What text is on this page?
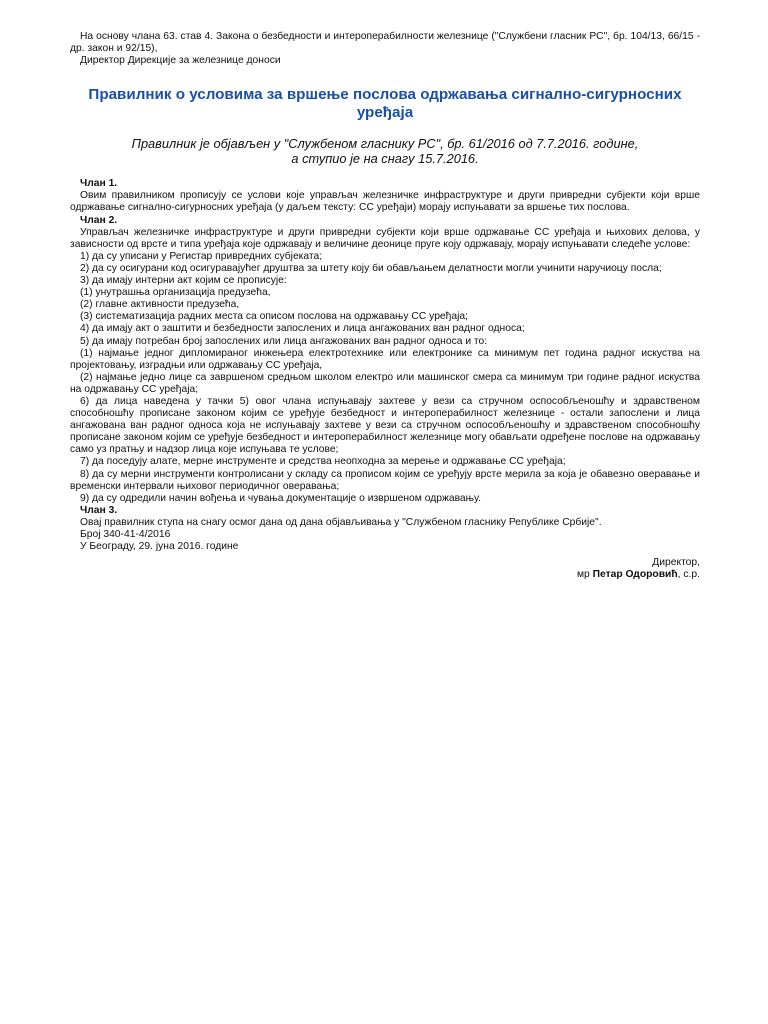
На основу члана 63. став 4. Закона о безбедности и интероперабилности железнице ("Службени гласник РС", бр. 104/13, 66/15 - др. закон и 92/15),

Директор Дирекције за железнице доноси

Правилник о условима за вршење послова одржавања сигнално-сигурносних уређаја
Правилник је објављен у "Службеном гласнику РС", бр. 61/2016 од 7.7.2016. године,
а ступио је на снагу 15.7.2016.

Члан 1.

Овим правилником прописују се услови које управљач железничке инфраструктуре и други привредни субјекти који врше одржавање сигнално-сигурносних уређаја (у даљем тексту: СС уређаји) морају испуњавати за вршење тих послова.

Члан 2.

Управљач железничке инфраструктуре и други привредни субјекти који врше одржавање СС уређаја и њихових делова, у зависности од врсте и типа уређаја које одржавају и величине деонице пруге коју одржавају, морају испуњавати следеће услове:

1) да су уписани у Регистар привредних субјеката;

2) да су осигурани код осигуравајућег друштва за штету коју би обављањем делатности могли учинити наручиоцу посла;

3) да имају интерни акт којим се прописује:

(1) унутрашња организација предузећа,

(2) главне активности предузећа,

(3) систематизација радних места са описом послова на одржавању СС уређаја;

4) да имају акт о заштити и безбедности запослених и лица ангажованих ван радног односа;

5) да имају потребан број запослених или лица ангажованих ван радног односа и то:

(1) најмање једног дипломираног инжењера електротехнике или електронике са минимум пет година радног искуства на пројектовању, изградњи или одржавању СС уређаја,

(2) најмање једно лице са завршеном средњом школом електро или машинског смера са минимум три године радног искуства на одржавању СС уређаја;

6) да лица наведена у тачки 5) овог члана испуњавају захтеве у вези са стручном оспособљеношћу и здравственом способношћу прописане законом којим се уређује безбедност и интероперабилност железнице - остали запослени и лица ангажована ван радног односа која не испуњавају захтеве у вези са стручном оспособљеношћу и здравственом способношћу прописане законом којим се уређује безбедност и интероперабилност железнице могу обављати одређене послове на одржавању само уз пратњу и надзор лица које испуњава те услове;

7) да поседују алате, мерне инструменте и средства неопходна за мерење и одржавање СС уређаја;

8) да су мерни инструменти контролисани у складу са прописом којим се уређују врсте мерила за која је обавезно оверавање и временски интервали њиховог периодичног оверавања;

9) да су одредили начин вођења и чувања документације о извршеном одржавању.

Члан 3.

Овај правилник ступа на снагу осмог дана од дана објављивања у "Службеном гласнику Републике Србије".

Број 340-41-4/2016

У Београду, 29. јуна 2016. године

Директор,

мр Петар Одоровић, с.р.
